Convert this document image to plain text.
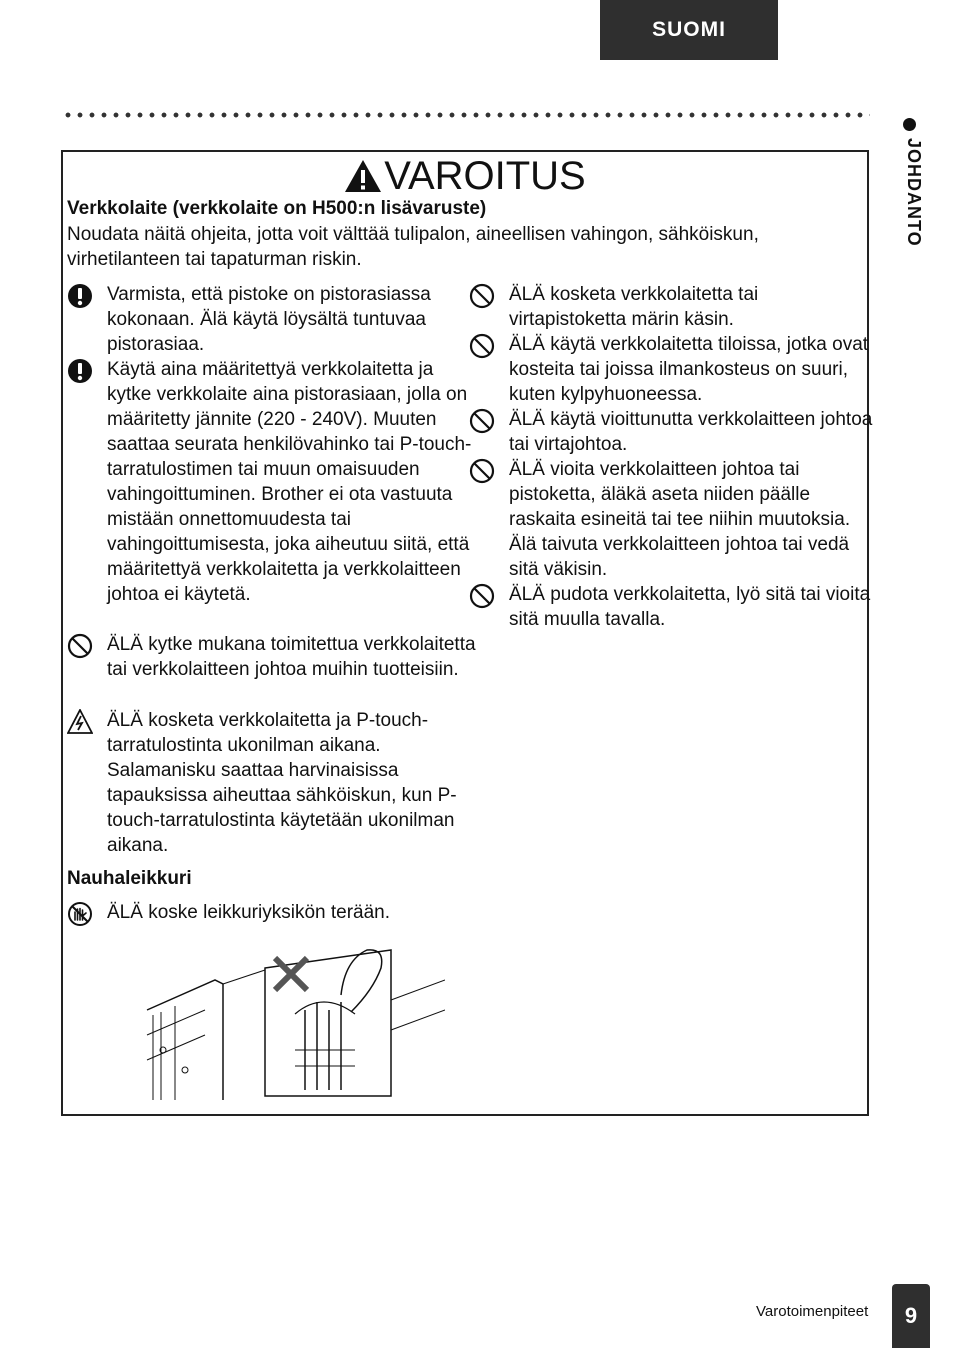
SUOMI
JOHDANTO
VAROITUS
Verkkolaite (verkkolaite on H500:n lisävaruste)
Noudata näitä ohjeita, jotta voit välttää tulipalon, aineellisen vahingon, sähköiskun, virhetilanteen tai tapaturman riskin.
Varmista, että pistoke on pistorasiassa kokonaan. Älä käytä löysältä tuntuvaa pistorasiaa.
Käytä aina määritettyä verkkolaitetta ja kytke verkkolaite aina pistorasiaan, jolla on määritetty jännite (220 - 240V). Muuten saattaa seurata henkilövahinko tai P-touch-tarratulostimen tai muun omaisuuden vahingoittuminen. Brother ei ota vastuuta mistään onnettomuudesta tai vahingoittumisesta, joka aiheutuu siitä, että määritettyä verkkolaitetta ja verkkolaitteen johtoa ei käytetä.
ÄLÄ kytke mukana toimitettua verkkolaitetta tai verkkolaitteen johtoa muihin tuotteisiin.
ÄLÄ kosketa verkkolaitetta ja P-touch-tarratulostinta ukonilman aikana. Salamanisku saattaa harvinaisissa tapauksissa aiheuttaa sähköiskun, kun P-touch-tarratulostinta käytetään ukonilman aikana.
ÄLÄ kosketa verkkolaitetta tai virtapistoketta märin käsin.
ÄLÄ käytä verkkolaitetta tiloissa, jotka ovat kosteita tai joissa ilmankosteus on suuri, kuten kylpyhuoneessa.
ÄLÄ käytä vioittunutta verkkolaitteen johtoa tai virtajohtoa.
ÄLÄ vioita verkkolaitteen johtoa tai pistoketta, äläkä aseta niiden päälle raskaita esineitä tai tee niihin muutoksia. Älä taivuta verkkolaitteen johtoa tai vedä sitä väkisin.
ÄLÄ pudota verkkolaitetta, lyö sitä tai vioita sitä muulla tavalla.
Nauhaleikkuri
ÄLÄ koske leikkuriyksikön terään.
Varotoimenpiteet 9
